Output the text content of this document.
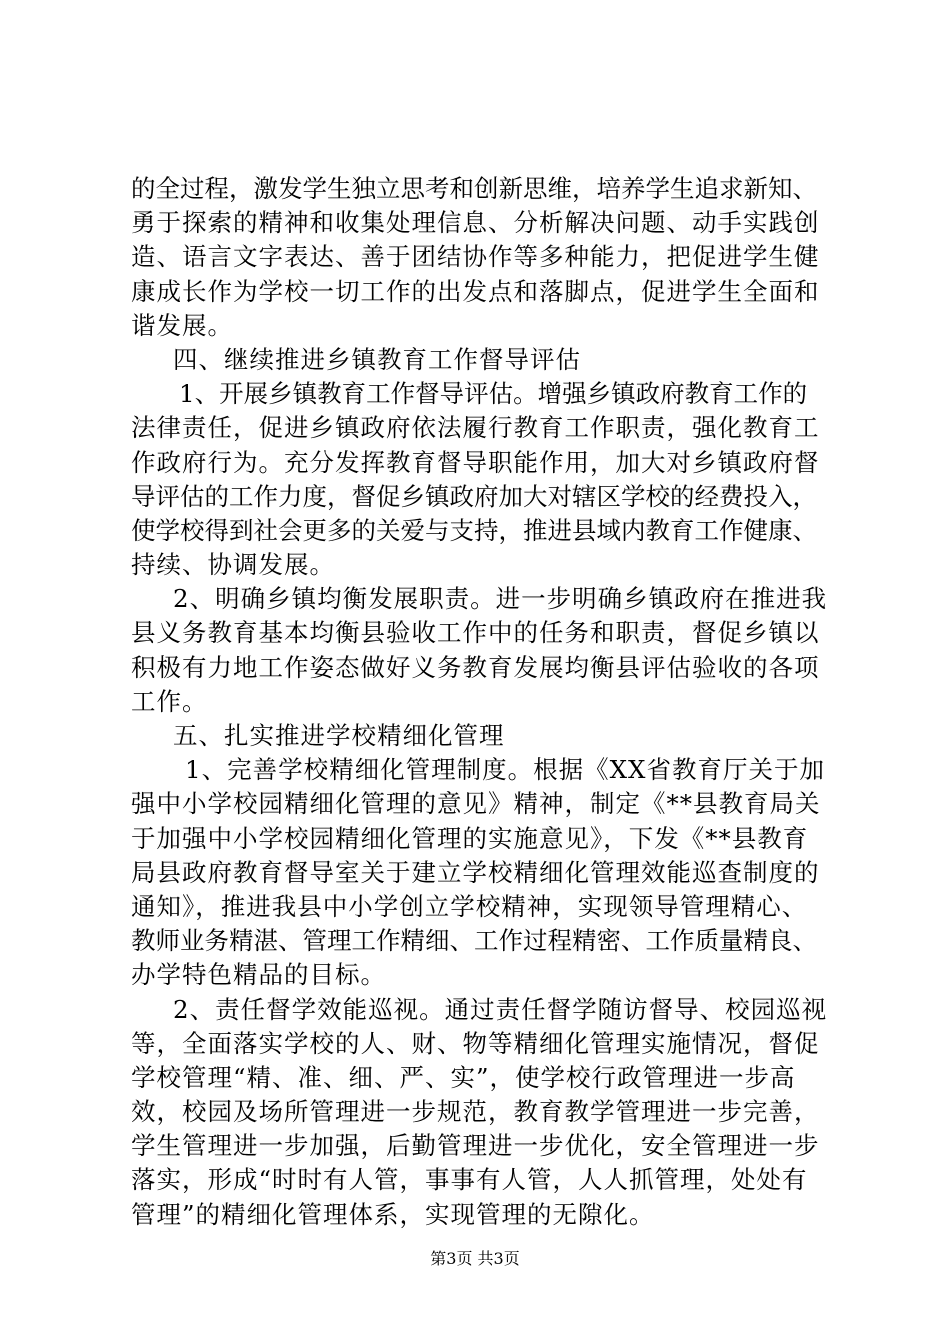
的全过程，激发学生独立思考和创新思维，培养学生追求新知、
勇于探索的精神和收集处理信息、分析解决问题、动手实践创
造、语言文字表达、善于团结协作等多种能力，把促进学生健
康成长作为学校一切工作的出发点和落脚点，促进学生全面和
谐发展。
四、继续推进乡镇教育工作督导评估
1、开展乡镇教育工作督导评估。增强乡镇政府教育工作的
法律责任，促进乡镇政府依法履行教育工作职责，强化教育工
作政府行为。充分发挥教育督导职能作用，加大对乡镇政府督
导评估的工作力度，督促乡镇政府加大对辖区学校的经费投入，
使学校得到社会更多的关爱与支持，推进县域内教育工作健康、
持续、协调发展。
2、明确乡镇均衡发展职责。进一步明确乡镇政府在推进我
县义务教育基本均衡县验收工作中的任务和职责，督促乡镇以
积极有力地工作姿态做好义务教育发展均衡县评估验收的各项
工作。
五、扎实推进学校精细化管理
1、完善学校精细化管理制度。根据《XX省教育厅关于加
强中小学校园精细化管理的意见》精神，制定《**县教育局关
于加强中小学校园精细化管理的实施意见》，下发《**县教育
局县政府教育督导室关于建立学校精细化管理效能巡查制度的
通知》，推进我县中小学创立学校精神，实现领导管理精心、
教师业务精湛、管理工作精细、工作过程精密、工作质量精良、
办学特色精品的目标。
2、责任督学效能巡视。通过责任督学随访督导、校园巡视
等，全面落实学校的人、财、物等精细化管理实施情况，督促
学校管理“精、准、细、严、实”，使学校行政管理进一步高
效，校园及场所管理进一步规范，教育教学管理进一步完善，
学生管理进一步加强，后勤管理进一步优化，安全管理进一步
落实，形成“时时有人管，事事有人管，人人抓管理，处处有
管理”的精细化管理体系，实现管理的无隙化。
第3页 共3页
